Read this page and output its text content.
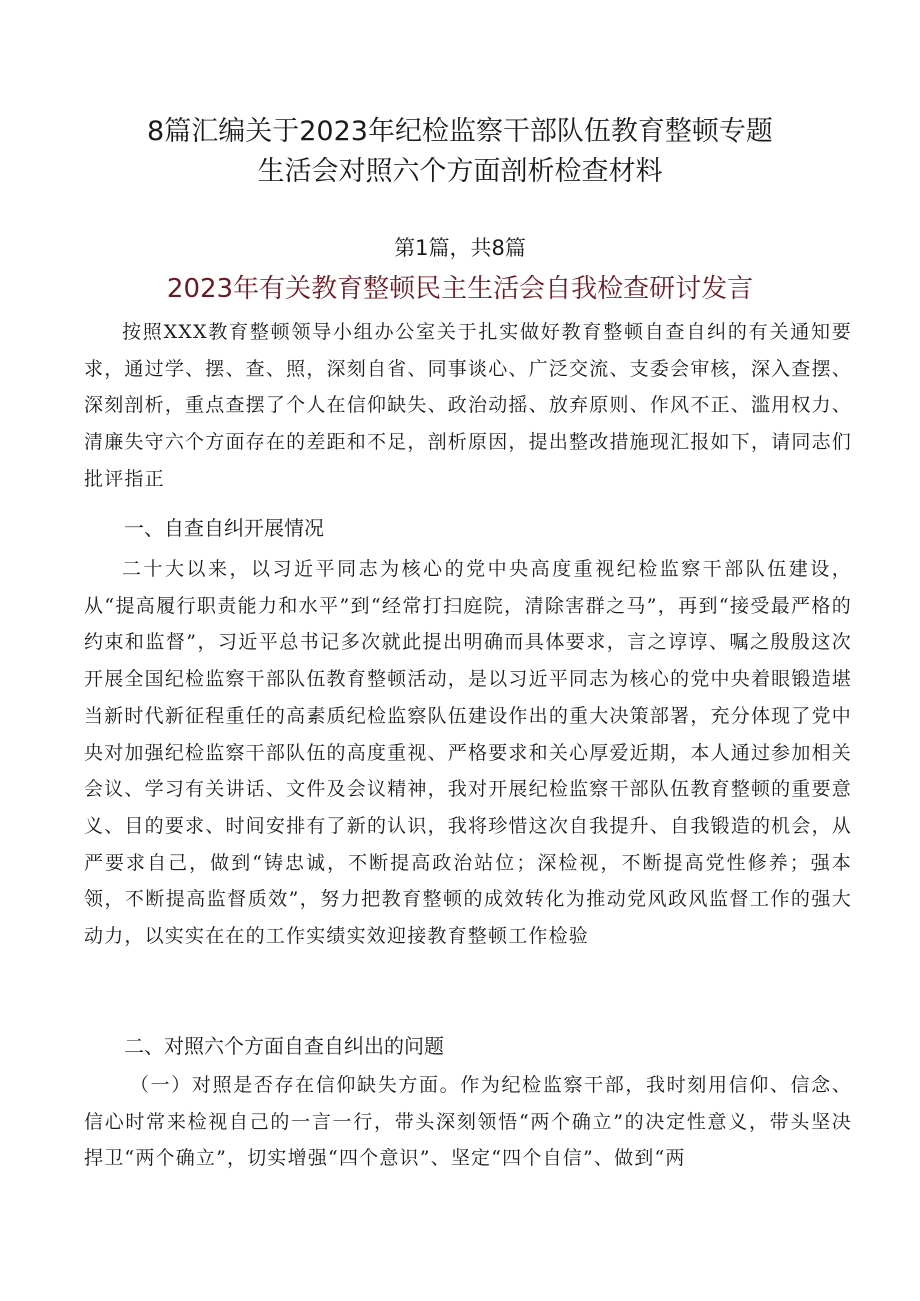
8篇汇编关于2023年纪检监察干部队伍教育整顿专题
生活会对照六个方面剖析检查材料
第1篇，共8篇
2023年有关教育整顿民主生活会自我检查研讨发言
按照XXX教育整顿领导小组办公室关于扎实做好教育整顿自查自纠的有关通知要求，通过学、摆、查、照，深刻自省、同事谈心、广泛交流、支委会审核，深入查摆、深刻剖析，重点查摆了个人在信仰缺失、政治动摇、放弃原则、作风不正、滥用权力、清廉失守六个方面存在的差距和不足，剖析原因，提出整改措施现汇报如下，请同志们批评指正
一、自查自纠开展情况
二十大以来，以习近平同志为核心的党中央高度重视纪检监察干部队伍建设，从“提高履行职责能力和水平”到“经常打扫庭院，清除害群之马”，再到“接受最严格的约束和监督”，习近平总书记多次就此提出明确而具体要求，言之谆谆、嘱之殷殷这次开展全国纪检监察干部队伍教育整顿活动，是以习近平同志为核心的党中央着眼锻造堪当新时代新征程重任的高素质纪检监察队伍建设作出的重大决策部署，充分体现了党中央对加强纪检监察干部队伍的高度重视、严格要求和关心厚爱近期，本人通过参加相关会议、学习有关讲话、文件及会议精神，我对开展纪检监察干部队伍教育整顿的重要意义、目的要求、时间安排有了新的认识，我将珍惜这次自我提升、自我锻造的机会，从严要求自己，做到“铸忠诚，不断提高政治站位；深检视，不断提高党性修养；强本领，不断提高监督质效”，努力把教育整顿的成效转化为推动党风政风监督工作的强大动力，以实实在在的工作实绩实效迎接教育整顿工作检验
二、对照六个方面自查自纠出的问题
（一）对照是否存在信仰缺失方面。作为纪检监察干部，我时刻用信仰、信念、信心时常来检视自己的一言一行，带头深刻领悟“两个确立”的决定性意义，带头坚决捍卫“两个确立”，切实增强“四个意识”、坚定“四个自信”、做到“两
